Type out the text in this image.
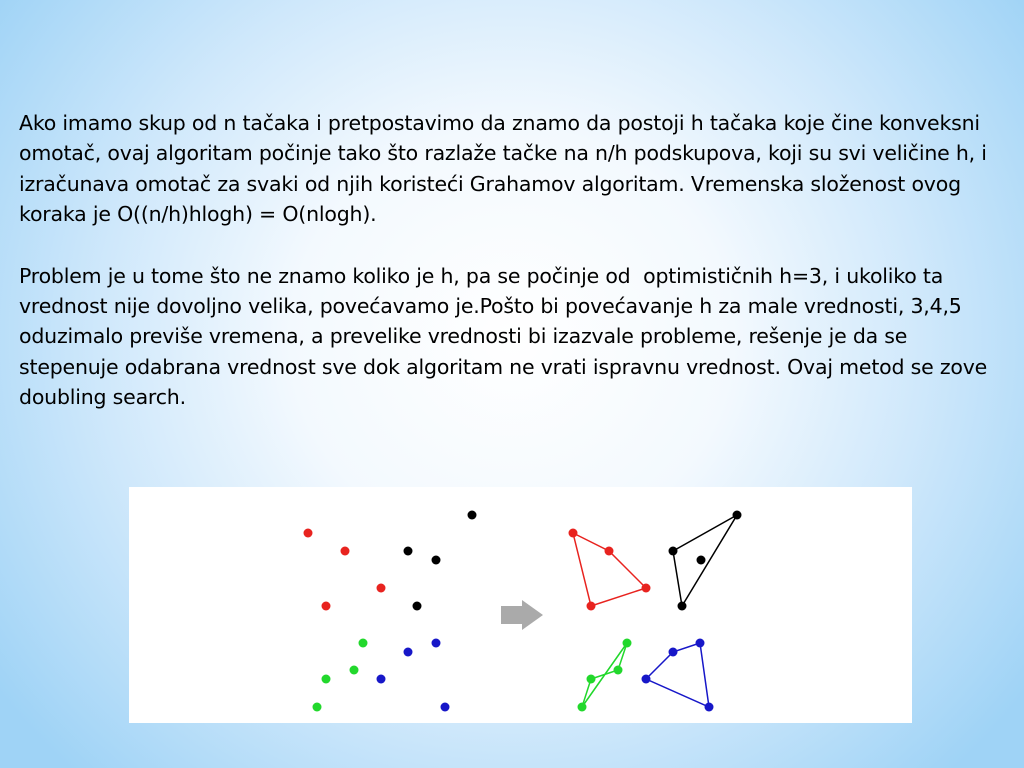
Ako imamo skup od n tačaka i pretpostavimo da znamo da postoji h tačaka koje čine konveksni omotač, ovaj algoritam počinje tako što razlaže tačke na n/h podskupova, koji su svi veličine h, i izračunava omotač za svaki od njih koristeći Grahamov algoritam. Vremenska složenost ovog koraka je O((n/h)hlogh) = O(nlogh).

Problem je u tome što ne znamo koliko je h, pa se počinje od  optimističnih h=3, i ukoliko ta vrednost nije dovoljno velika, povećavamo je.Pošto bi povećavanje h za male vrednosti, 3,4,5 oduzimalo previše vremena, a prevelike vrednosti bi izazvale probleme, rešenje je da se stepenuje odabrana vrednost sve dok algoritam ne vrati ispravnu vrednost. Ovaj metod se zove doubling search.
